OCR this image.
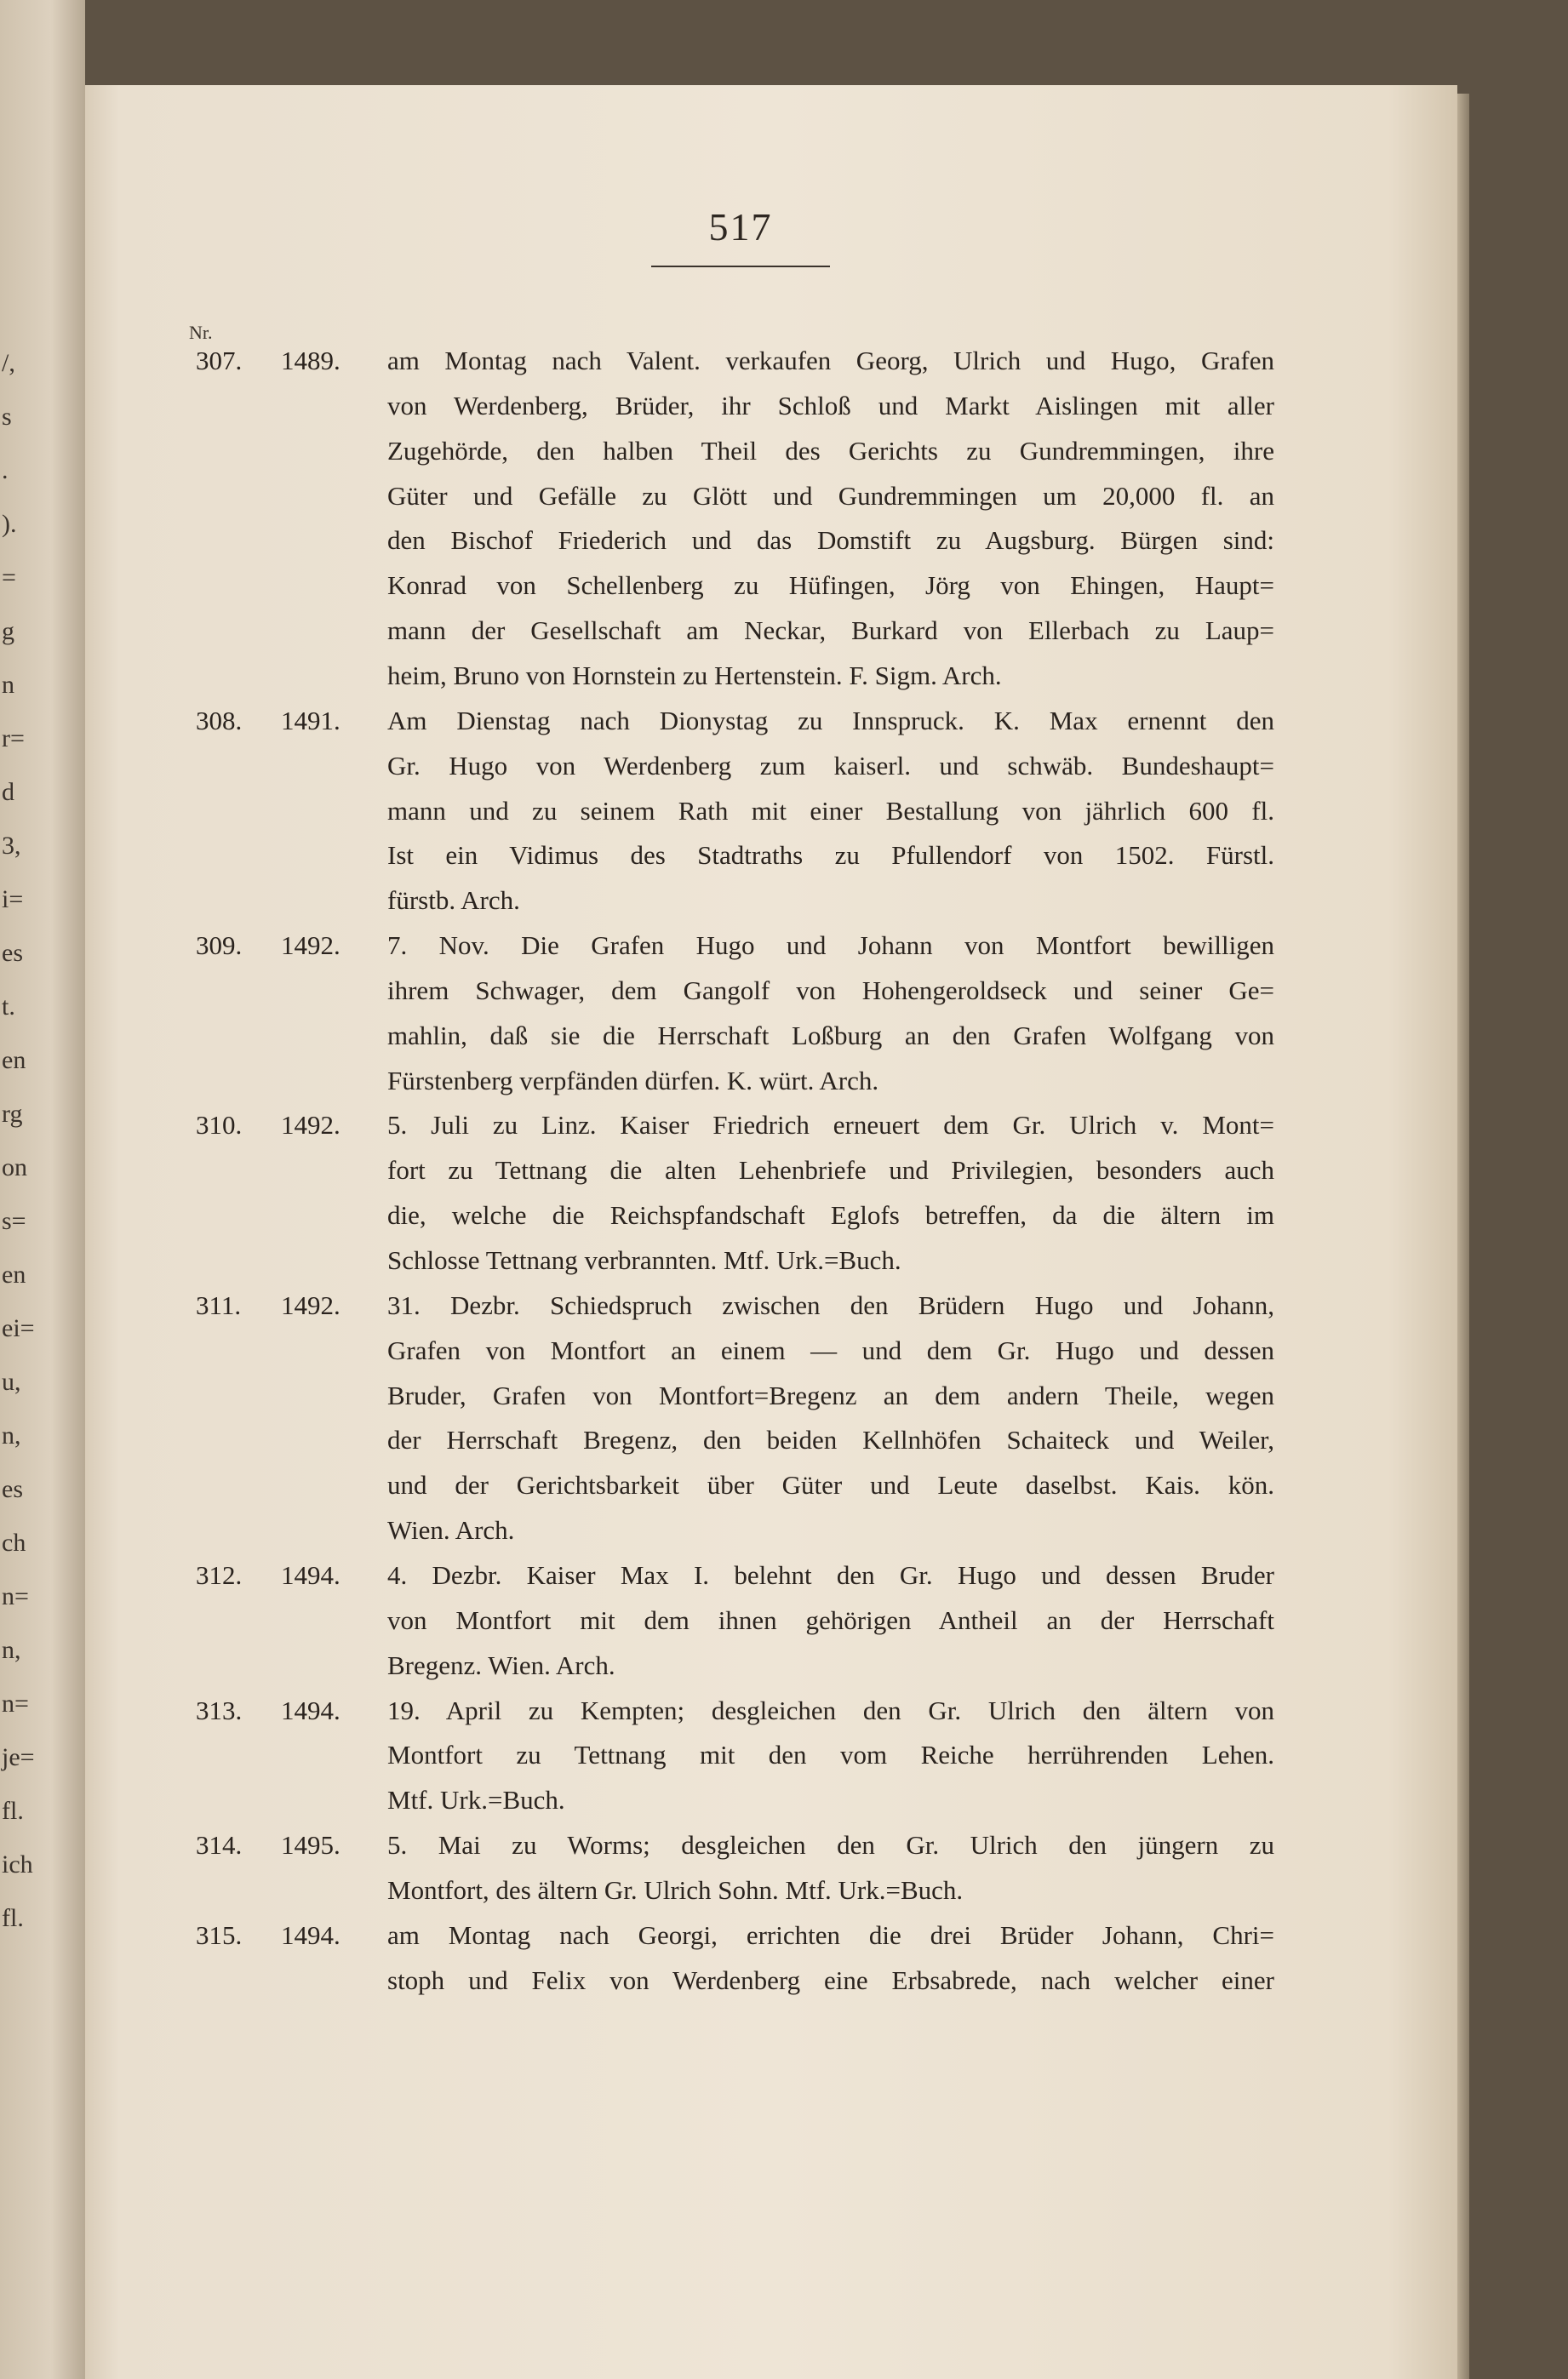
517
Nr.
307.	1489.	am Montag nach Valent. verkaufen Georg, Ulrich und Hugo, Grafen
von Werdenberg, Brüder, ihr Schloß und Markt Aislingen mit aller
Zugehörde, den halben Theil des Gerichts zu Gundremmingen, ihre
Güter und Gefälle zu Glött und Gundremmingen um 20,000 fl. an
den Bischof Friederich und das Domstift zu Augsburg. Bürgen sind:
Konrad von Schellenberg zu Hüfingen, Jörg von Ehingen, Haupt=
mann der Gesellschaft am Neckar, Burkard von Ellerbach zu Laup=
heim, Bruno von Hornstein zu Hertenstein. F. Sigm. Arch.
308.	1491.	Am Dienstag nach Dionystag zu Innspruck. K. Max ernennt den
Gr. Hugo von Werdenberg zum kaiserl. und schwäb. Bundeshaupt=
mann und zu seinem Rath mit einer Bestallung von jährlich 600 fl.
Ist ein Vidimus des Stadtraths zu Pfullendorf von 1502. Fürstl.
fürstb. Arch.
309.	1492.	7. Nov. Die Grafen Hugo und Johann von Montfort bewilligen
ihrem Schwager, dem Gangolf von Hohengeroldseck und seiner Ge=
mahlin, daß sie die Herrschaft Loßburg an den Grafen Wolfgang von
Fürstenberg verpfänden dürfen. K. würt. Arch.
310.	1492.	5. Juli zu Linz. Kaiser Friedrich erneuert dem Gr. Ulrich v. Mont=
fort zu Tettnang die alten Lehenbriefe und Privilegien, besonders auch
die, welche die Reichspfandschaft Eglofs betreffen, da die ältern im
Schlosse Tettnang verbrannten. Mtf. Urk.=Buch.
311.	1492.	31. Dezbr. Schiedspruch zwischen den Brüdern Hugo und Johann,
Grafen von Montfort an einem — und dem Gr. Hugo und dessen
Bruder, Grafen von Montfort=Bregenz an dem andern Theile, wegen
der Herrschaft Bregenz, den beiden Kellnhöfen Schaiteck und Weiler,
und der Gerichtsbarkeit über Güter und Leute daselbst. Kais. kön.
Wien. Arch.
312.	1494.	4. Dezbr. Kaiser Max I. belehnt den Gr. Hugo und dessen Bruder
von Montfort mit dem ihnen gehörigen Antheil an der Herrschaft
Bregenz. Wien. Arch.
313.	1494.	19. April zu Kempten; desgleichen den Gr. Ulrich den ältern von
Montfort zu Tettnang mit den vom Reiche herrührenden Lehen.
Mtf. Urk.=Buch.
314.	1495.	5. Mai zu Worms; desgleichen den Gr. Ulrich den jüngern zu
Montfort, des ältern Gr. Ulrich Sohn. Mtf. Urk.=Buch.
315.	1494.	am Montag nach Georgi, errichten die drei Brüder Johann, Chri=
stoph und Felix von Werdenberg eine Erbsabrede, nach welcher einer
/,
s
.
).
=
g
n
r=
d
3,
i=
es
t.
en
rg
on
s=
en
ei=
u,
n,
es
ch
n=
n,
n=
je=
fl.
ich
fl.
